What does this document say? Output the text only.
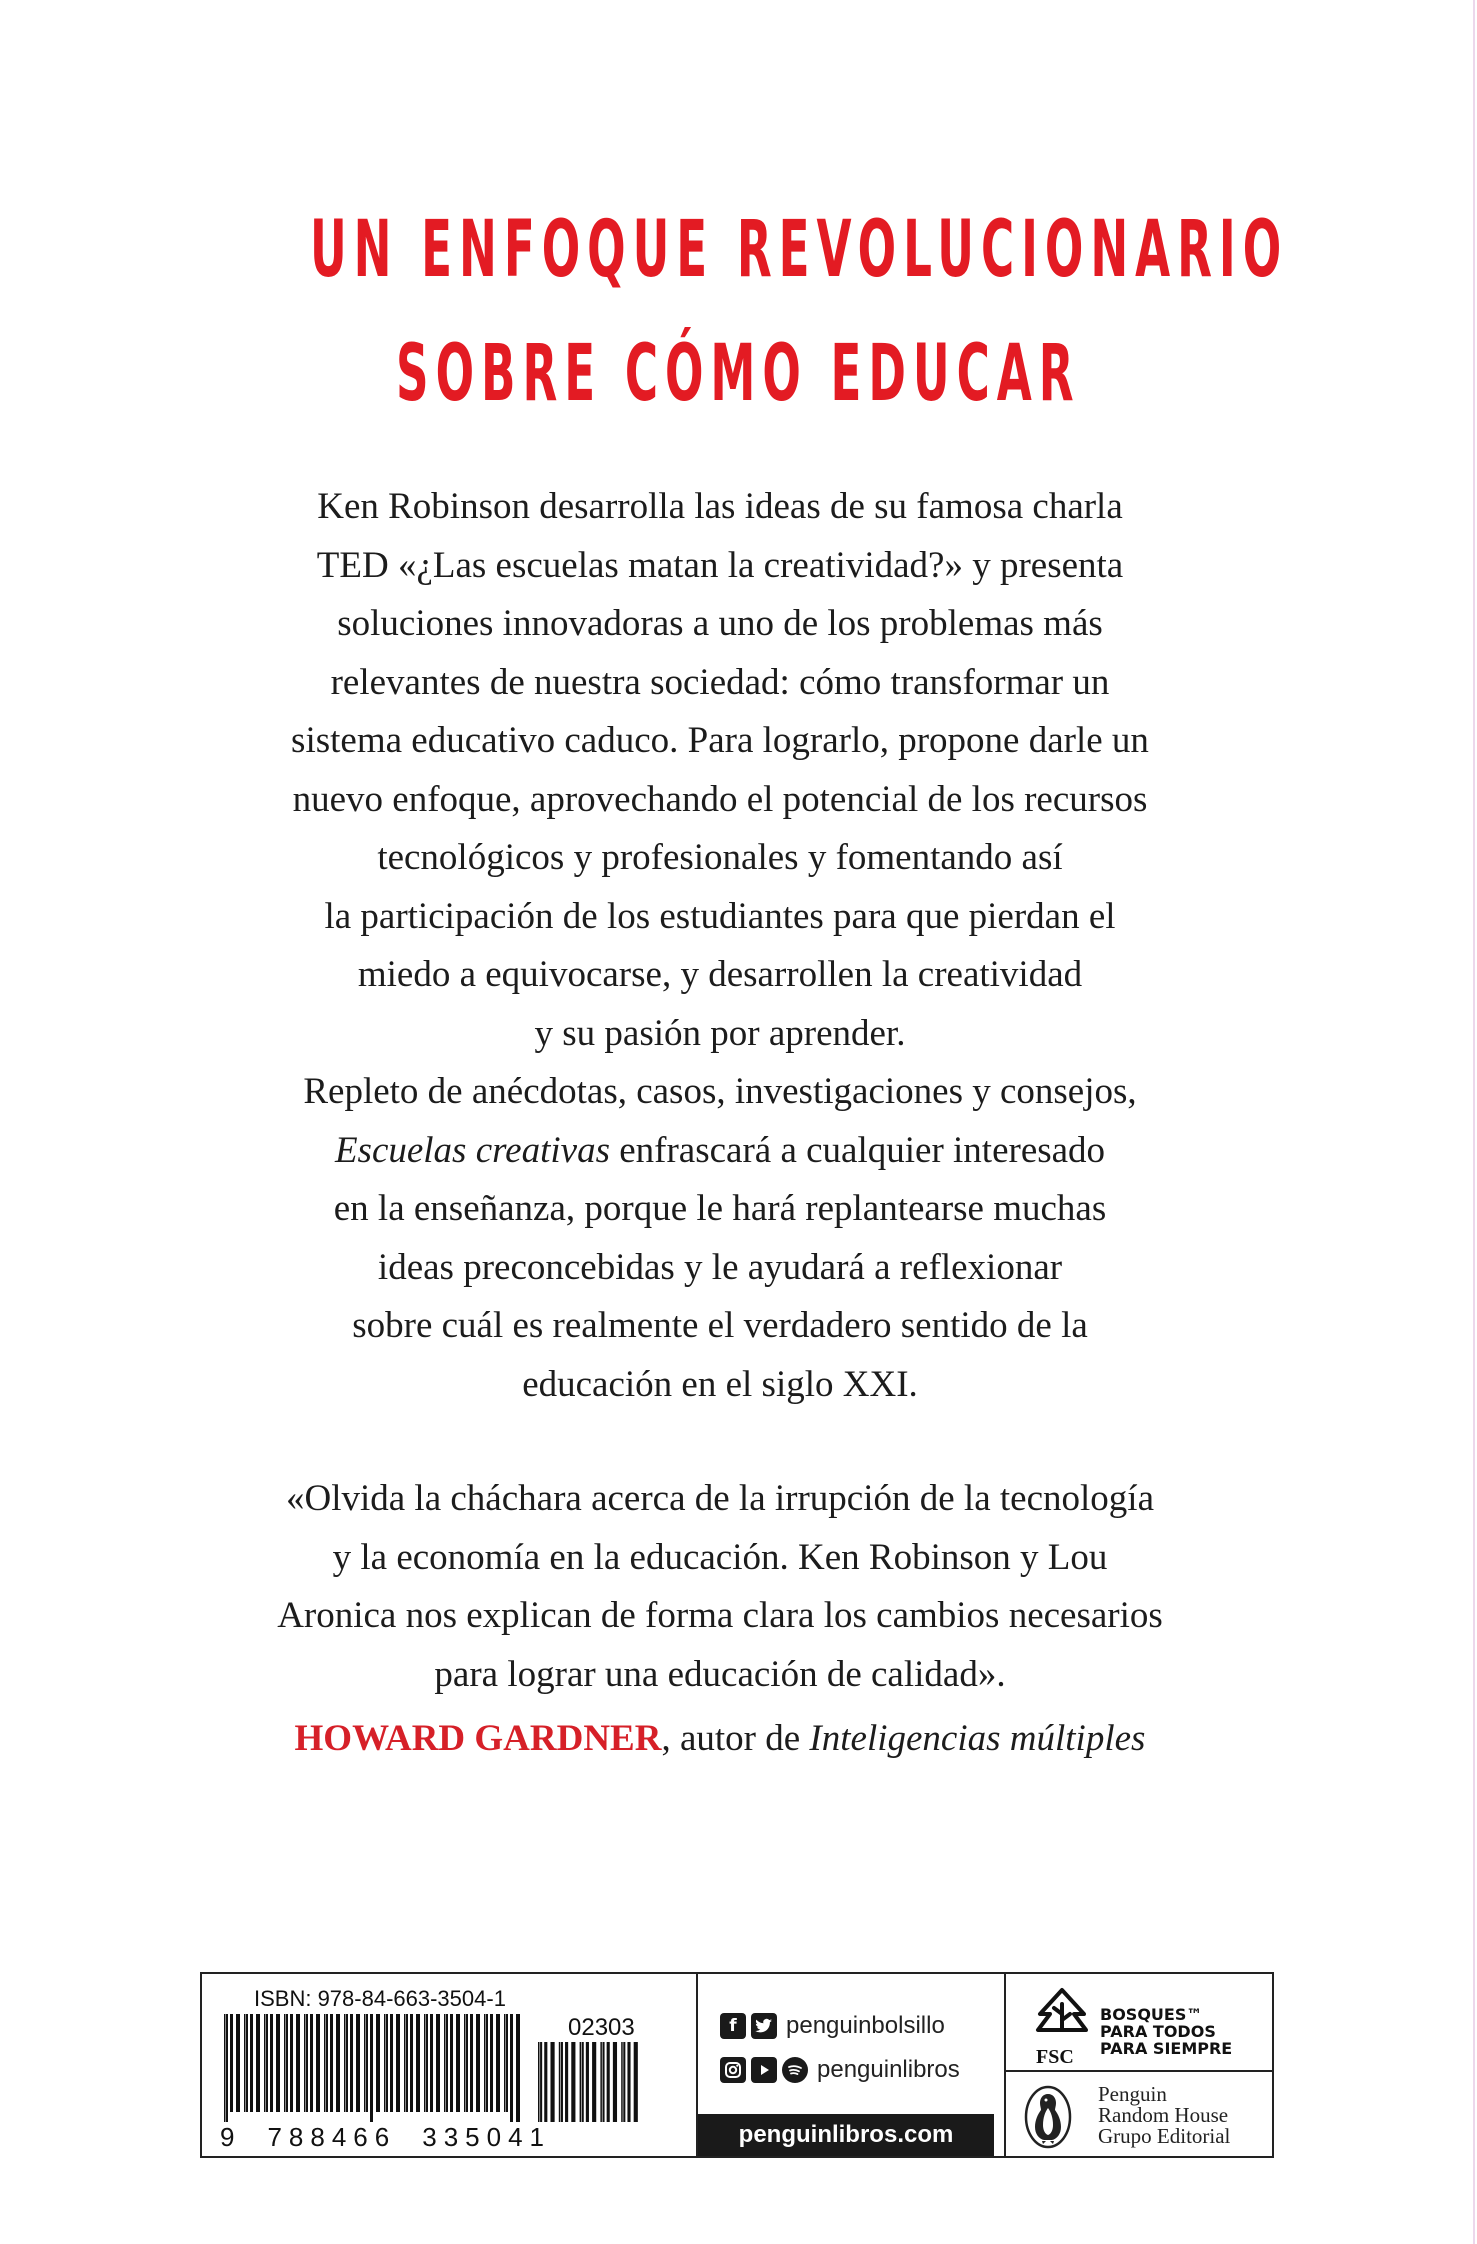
UN ENFOQUE REVOLUCIONARIO
SOBRE CÓMO EDUCAR
Ken Robinson desarrolla las ideas de su famosa charla
TED «¿Las escuelas matan la creatividad?» y presenta
soluciones innovadoras a uno de los problemas más
relevantes de nuestra sociedad: cómo transformar un
sistema educativo caduco. Para lograrlo, propone darle un
nuevo enfoque, aprovechando el potencial de los recursos
tecnológicos y profesionales y fomentando así
la participación de los estudiantes para que pierdan el
miedo a equivocarse, y desarrollen la creatividad
y su pasión por aprender.
Repleto de anécdotas, casos, investigaciones y consejos,
Escuelas creativas enfrascará a cualquier interesado
en la enseñanza, porque le hará replantearse muchas
ideas preconcebidas y le ayudará a reflexionar
sobre cuál es realmente el verdadero sentido de la
educación en el siglo XXI.
«Olvida la cháchara acerca de la irrupción de la tecnología
y la economía en la educación. Ken Robinson y Lou
Aronica nos explican de forma clara los cambios necesarios
para lograr una educación de calidad».
HOWARD GARDNER, autor de Inteligencias múltiples
ISBN: 978-84-663-3504-1
02303
9 788466 335041
f	penguinbolsillo
penguinlibros
penguinlibros.com
BOSQUES™
PARA TODOS
PARA SIEMPRE
FSC
Penguin
Random House
Grupo Editorial
